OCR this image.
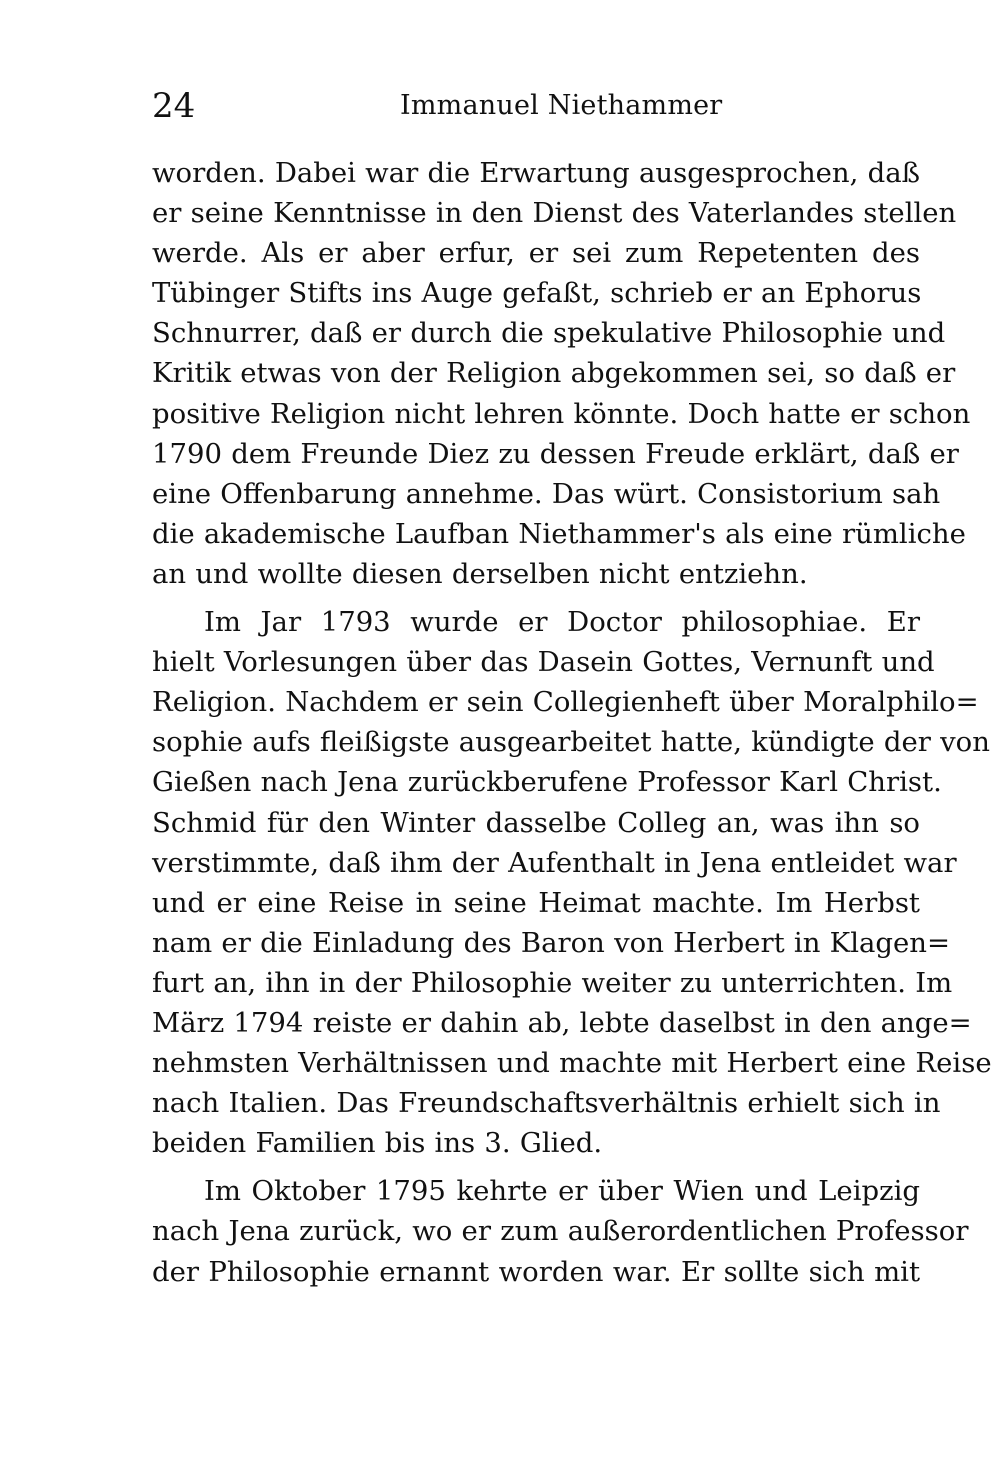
24	Immanuel Niethammer
worden. Dabei war die Erwartung ausgesprochen, daß
er seine Kenntnisse in den Dienst des Vaterlandes stellen
werde. Als er aber erfur, er sei zum Repetenten des
Tübinger Stifts ins Auge gefaßt, schrieb er an Ephorus
Schnurrer, daß er durch die spekulative Philosophie und
Kritik etwas von der Religion abgekommen sei, so daß er
positive Religion nicht lehren könnte. Doch hatte er schon
1790 dem Freunde Diez zu dessen Freude erklärt, daß er
eine Offenbarung annehme. Das würt. Consistorium sah
die akademische Laufban Niethammer's als eine rümliche
an und wollte diesen derselben nicht entziehn.
Im Jar 1793 wurde er Doctor philosophiae. Er
hielt Vorlesungen über das Dasein Gottes, Vernunft und
Religion. Nachdem er sein Collegienheft über Moralphilo=
sophie aufs fleißigste ausgearbeitet hatte, kündigte der von
Gießen nach Jena zurückberufene Professor Karl Christ.
Schmid für den Winter dasselbe Colleg an, was ihn so
verstimmte, daß ihm der Aufenthalt in Jena entleidet war
und er eine Reise in seine Heimat machte. Im Herbst
nam er die Einladung des Baron von Herbert in Klagen=
furt an, ihn in der Philosophie weiter zu unterrichten. Im
März 1794 reiste er dahin ab, lebte daselbst in den ange=
nehmsten Verhältnissen und machte mit Herbert eine Reise
nach Italien. Das Freundschaftsverhältnis erhielt sich in
beiden Familien bis ins 3. Glied.
Im Oktober 1795 kehrte er über Wien und Leipzig
nach Jena zurück, wo er zum außerordentlichen Professor
der Philosophie ernannt worden war. Er sollte sich mit
